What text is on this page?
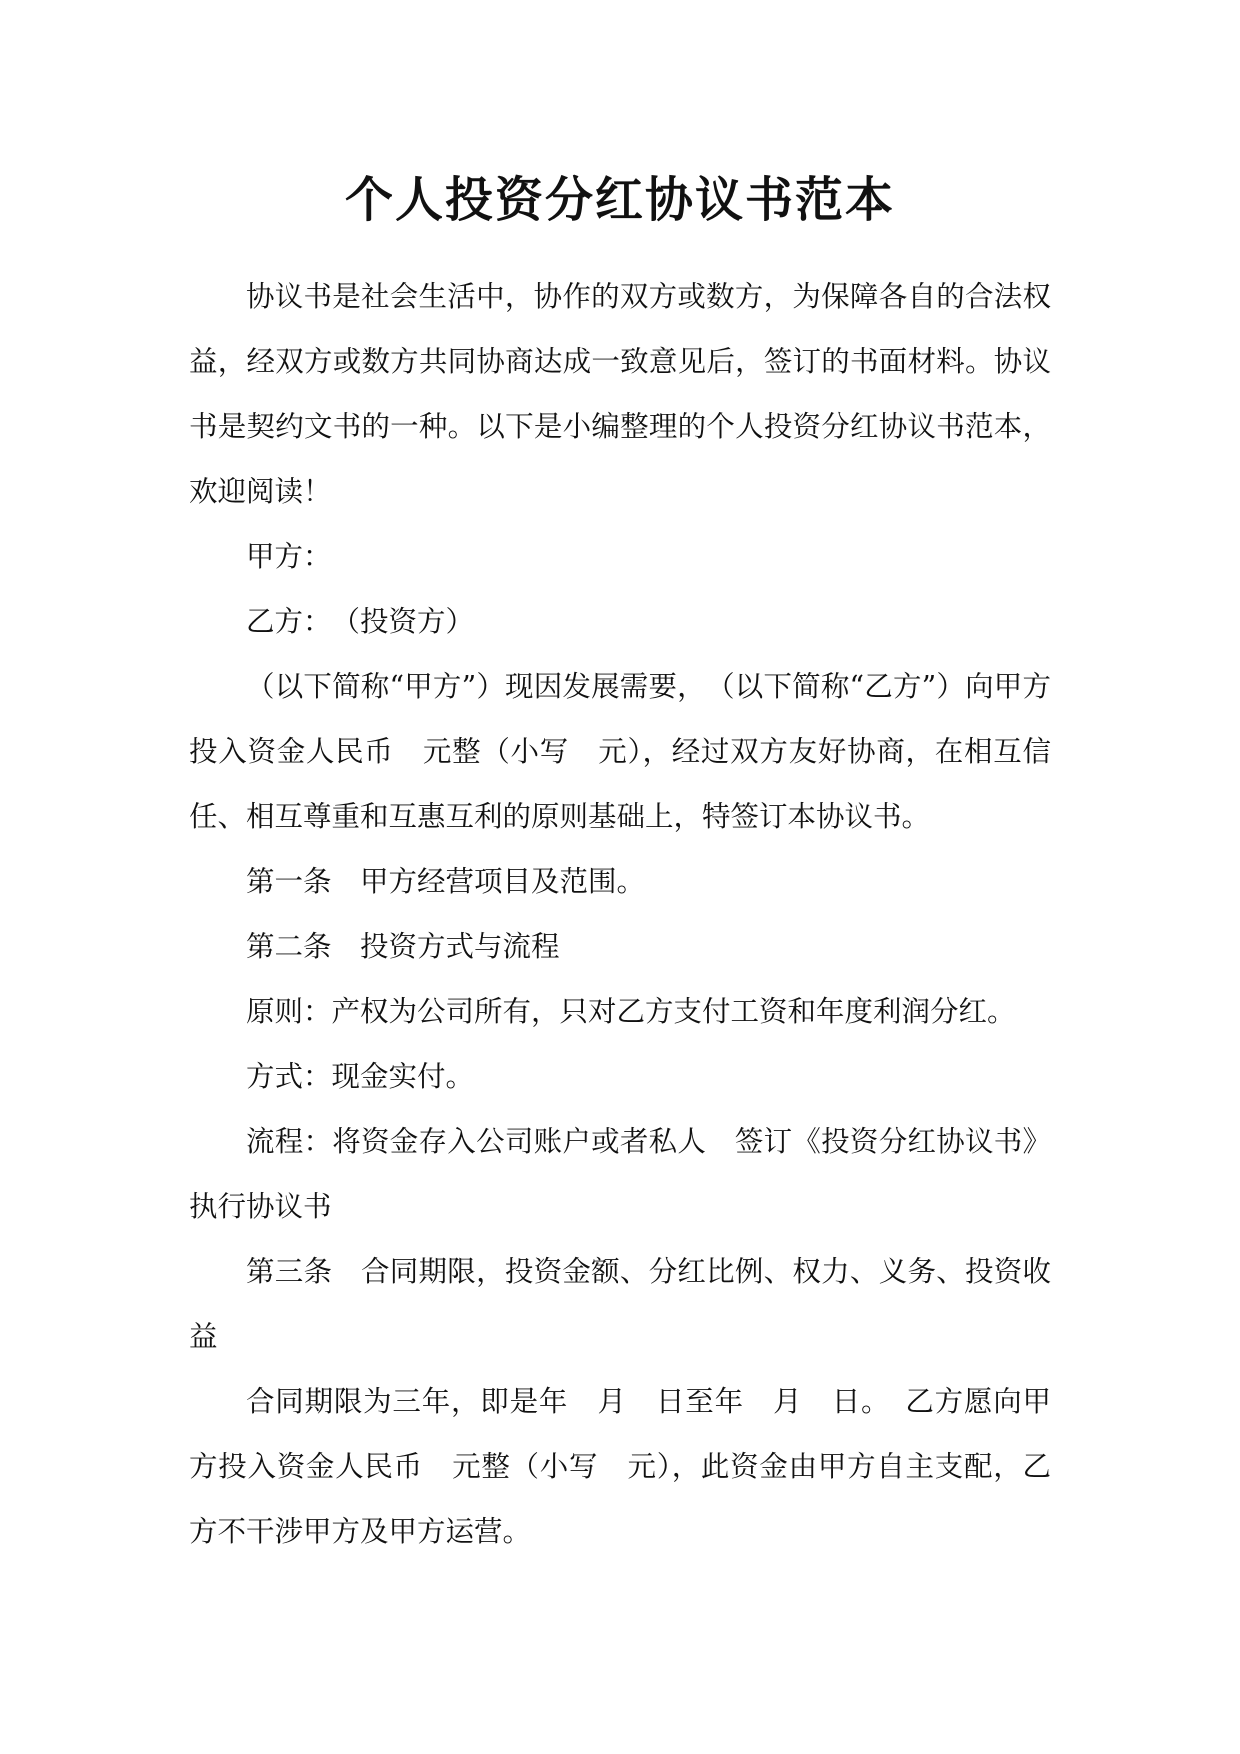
个人投资分红协议书范本

协议书是社会生活中，协作的双方或数方，为保障各自的合法权益，经双方或数方共同协商达成一致意见后，签订的书面材料。协议书是契约文书的一种。以下是小编整理的个人投资分红协议书范本，欢迎阅读！

甲方：

乙方：　（投资方）

（以下简称“甲方”）现因发展需要，　（以下简称“乙方”）向甲方投入资金人民币　元整（小写　元），经过双方友好协商，在相互信任、相互尊重和互惠互利的原则基础上，特签订本协议书。

第一条　甲方经营项目及范围。

第二条　投资方式与流程

原则：产权为公司所有，只对乙方支付工资和年度利润分红。

方式：现金实付。

流程：将资金存入公司账户或者私人　签订《投资分红协议书》执行协议书

第三条　合同期限，投资金额、分红比例、权力、义务、投资收益

合同期限为三年，即是年　月　日至年　月　日。　乙方愿向甲方投入资金人民币　元整（小写　元），此资金由甲方自主支配，乙方不干涉甲方及甲方运营。
